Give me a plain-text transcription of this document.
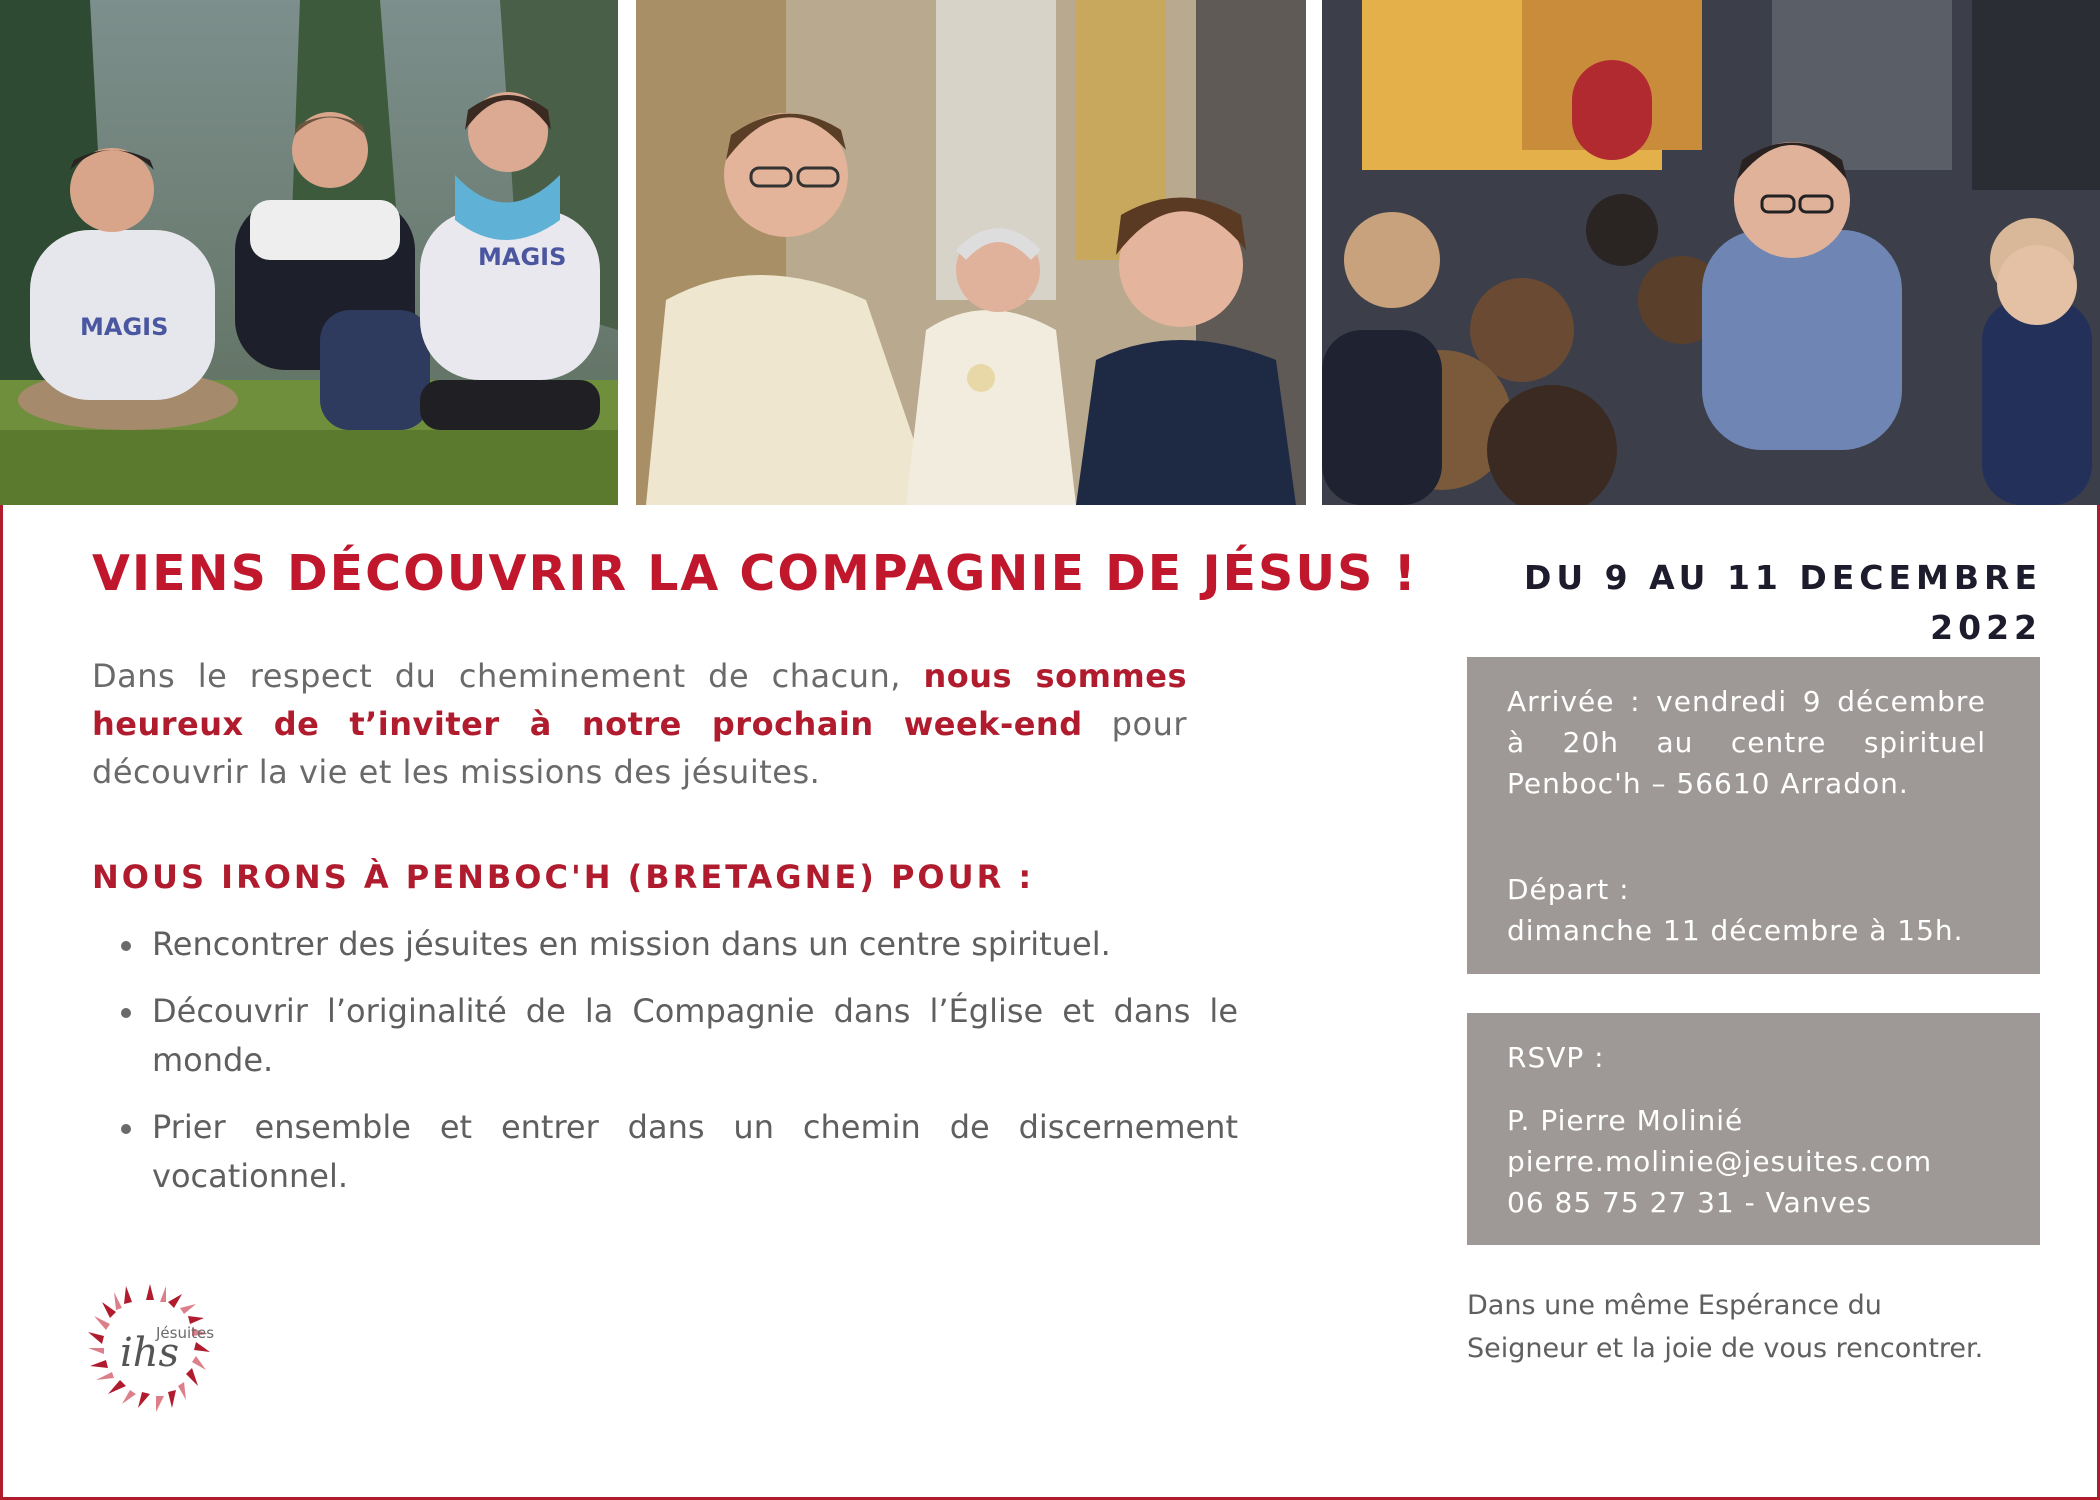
MAGIS
MAGIS
VIENS DÉCOUVRIR LA COMPAGNIE DE JÉSUS !

Dans le respect du cheminement de chacun, nous sommes heureux de t’inviter à notre prochain week-end pour découvrir la vie et les missions des jésuites.

NOUS IRONS À PENBOC'H (BRETAGNE) POUR :
Rencontrer des jésuites en mission dans un centre spirituel.
Découvrir l’originalité de la Compagnie dans l’Église et dans le monde.
Prier ensemble et entrer dans un chemin de discernement vocationnel.
ihs
Jésuites
DU 9 AU 11 DECEMBRE
2022
Arrivée : vendredi 9 décembre à 20h au centre spirituel Penboc'h – 56610 Arradon.
Départ :
dimanche 11 décembre à 15h.
RSVP :
P. Pierre Molinié
pierre.molinie@jesuites.com
06 85 75 27 31 - Vanves
Dans une même Espérance du
Seigneur et la joie de vous rencontrer.
